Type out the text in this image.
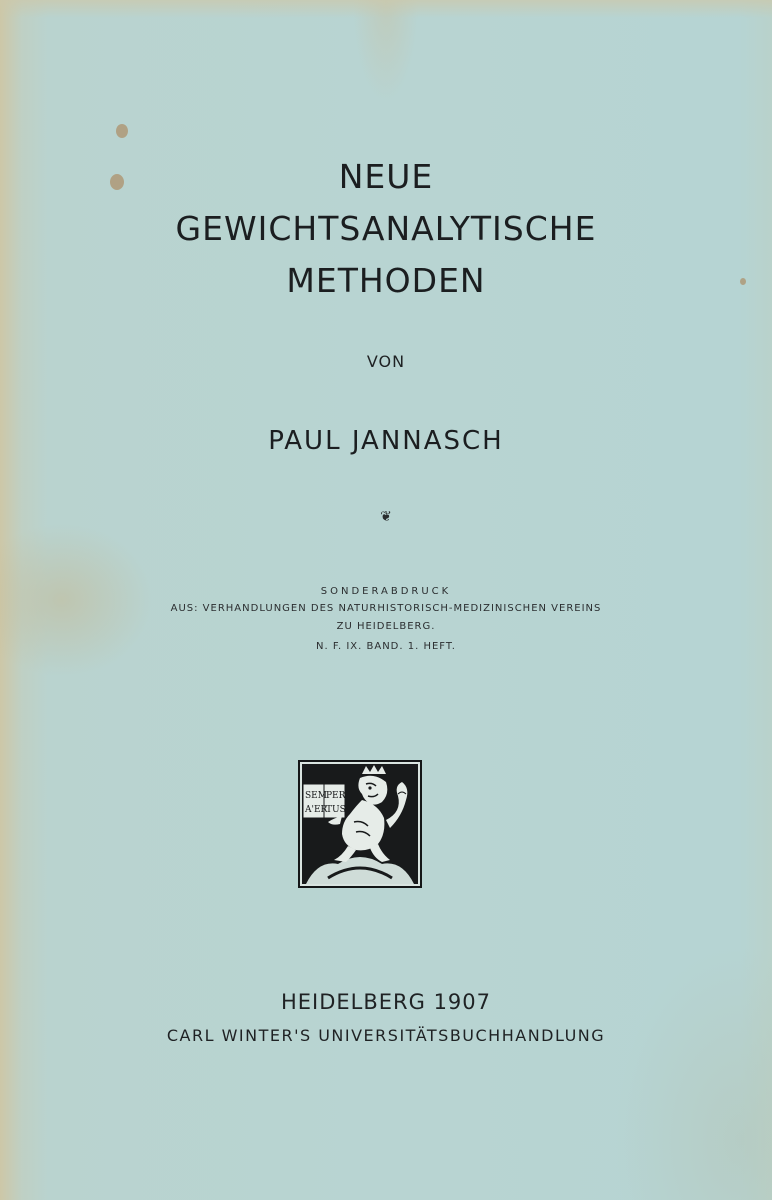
NEUE
GEWICHTSANALYTISCHE
METHODEN
VON
PAUL JANNASCH
❦
SONDERABDRUCK
AUS: VERHANDLUNGEN DES NATURHISTORISCH-MEDIZINISCHEN VEREINS
ZU HEIDELBERG.
N. F. IX. BAND. 1. HEFT.
SEM PER
A'ER
TUS
HEIDELBERG 1907
CARL WINTER'S UNIVERSITÄTSBUCHHANDLUNG
